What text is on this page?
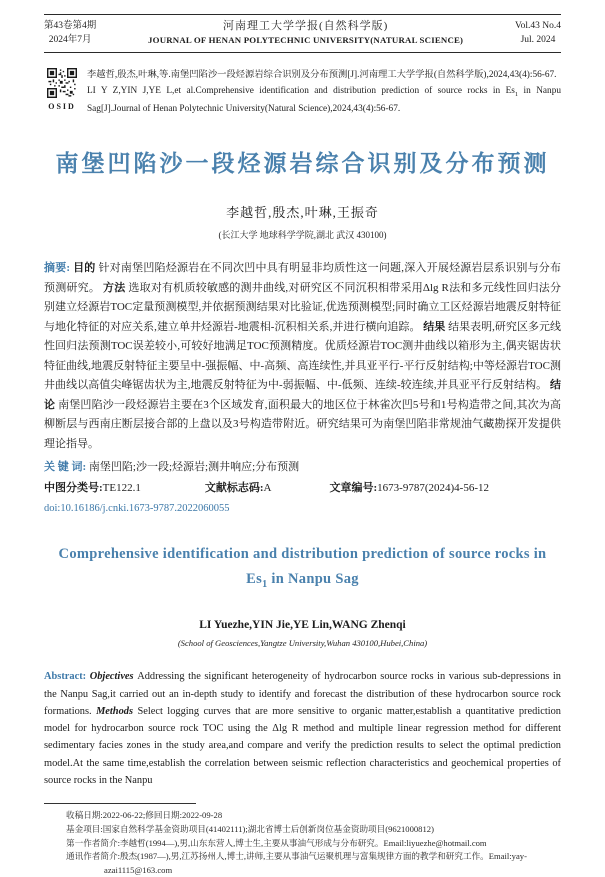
第43卷第4期
2024年7月
河南理工大学学报(自然科学版)
JOURNAL OF HENAN POLYTECHNIC UNIVERSITY(NATURAL SCIENCE)
Vol.43 No.4
Jul. 2024
OSID
李越哲,殷杰,叶琳,等.南堡凹陷沙一段烃源岩综合识别及分布预测[J].河南理工大学学报(自然科学版),2024,43(4):56-67.
LI Y Z,YIN J,YE L,et al.Comprehensive identification and distribution prediction of source rocks in $Es_1$ in Nanpu Sag[J].Journal of Henan Polytechnic University(Natural Science),2024,43(4):56-67.
南堡凹陷沙一段烃源岩综合识别及分布预测
李越哲,殷杰,叶琳,王振奇
(长江大学 地球科学学院,湖北 武汉 430100)
摘要: 目的 针对南堡凹陷烃源岩在不同次凹中具有明显非均质性这一问题,深入开展烃源岩层系识别与分布预测研究。 方法 选取对有机质较敏感的测井曲线,对研究区不同沉积相带采用Δlg R法和多元线性回归法分别建立烃源岩TOC定量预测模型,并依据预测结果对比验证,优选预测模型;同时确立工区烃源岩地震反射特征与地化特征的对应关系,建立单井烃源岩-地震相-沉积相关系,并进行横向追踪。 结果 结果表明,研究区多元线性回归法预测TOC误差较小,可较好地满足TOC预测精度。优质烃源岩TOC测井曲线以箱形为主,偶夹锯齿状特征曲线,地震反射特征主要呈中-强振幅、中-高频、高连续性,并具亚平行-平行反射结构;中等烃源岩TOC测井曲线以高值尖峰锯齿状为主,地震反射特征为中-弱振幅、中-低频、连续-较连续,并具亚平行反射结构。 结论 南堡凹陷沙一段烃源岩主要在3个区域发育,面积最大的地区位于林雀次凹5号和1号构造带之间,其次为高柳断层与西南庄断层接合部的上盘以及3号构造带附近。研究结果可为南堡凹陷非常规油气藏勘探开发提供理论指导。
关 键 词: 南堡凹陷;沙一段;烃源岩;测井响应;分布预测
中图分类号:TE122.1	文献标志码:A	文章编号:1673-9787(2024)4-56-12
doi:10.16186/j.cnki.1673-9787.2022060055
Comprehensive identification and distribution prediction of source rocks in
$Es_1$ in Nanpu Sag
LI Yuezhe,YIN Jie,YE Lin,WANG Zhenqi
(School of Geosciences,Yangtze University,Wuhan 430100,Hubei,China)
Abstract: Objectives Addressing the significant heterogeneity of hydrocarbon source rocks in various sub-depressions in the Nanpu Sag,it carried out an in-depth study to identify and forecast the distribution of these hydrocarbon source rock formations. Methods Select logging curves that are more sensitive to organic matter,establish a quantitative prediction model for hydrocarbon source rock TOC using the Δlg R method and multiple linear regression method for different sedimentary facies zones in the study area,and compare and verify the prediction results to select the optimal prediction model.At the same time,establish the correlation between seismic reflection characteristics and geochemical properties of source rocks in the Nanpu
收稿日期:2022-06-22;修回日期:2022-09-28
基金项目:国家自然科学基金资助项目(41402111);湖北省博士后创新岗位基金资助项目(9621000812)
第一作者简介:李越哲(1994—),男,山东东营人,博士生,主要从事油气形成与分布研究。Email:liyuezhe@hotmail.com
通讯作者简介:殷杰(1987—),男,江苏扬州人,博士,讲师,主要从事油气运聚机理与富集规律方面的教学和研究工作。Email:yay-
azai1115@163.com
